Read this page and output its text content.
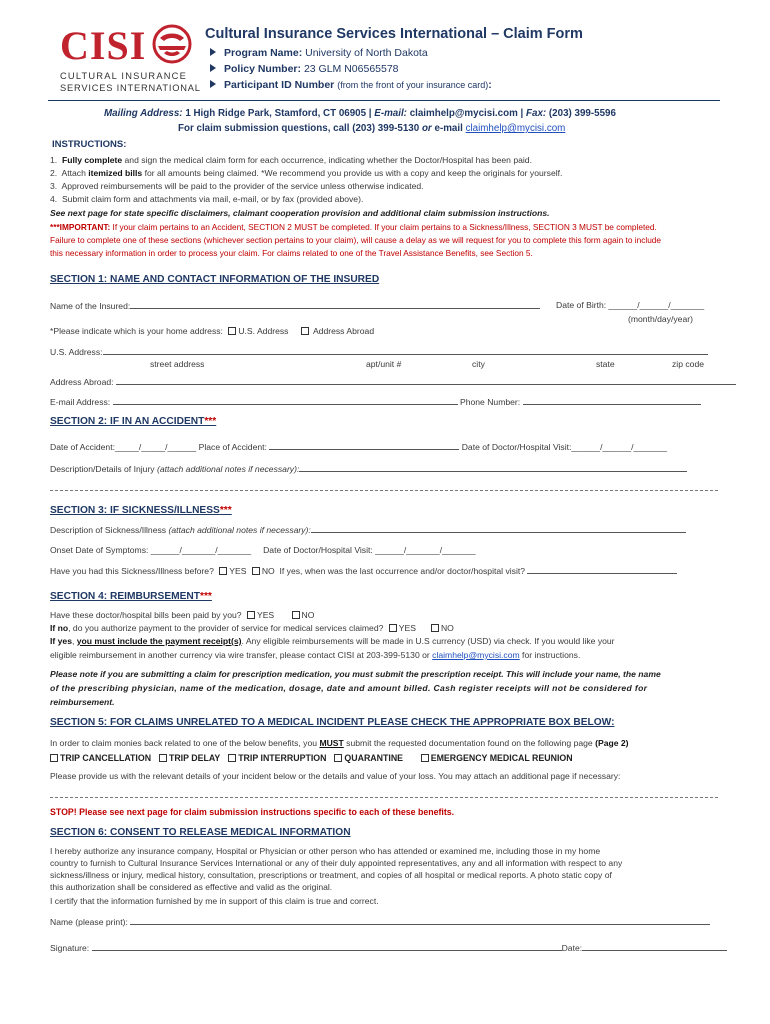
CISI
CULTURAL INSURANCE
SERVICES INTERNATIONAL
Cultural Insurance Services International – Claim Form
Program Name: University of North Dakota
Policy Number: 23 GLM N06565578
Participant ID Number (from the front of your insurance card):
Mailing Address: 1 High Ridge Park, Stamford, CT 06905 | E-mail: claimhelp@mycisi.com | Fax: (203) 399-5596
For claim submission questions, call (203) 399-5130 or e-mail claimhelp@mycisi.com
INSTRUCTIONS:
1. Fully complete and sign the medical claim form for each occurrence, indicating whether the Doctor/Hospital has been paid.
2. Attach itemized bills for all amounts being claimed. *We recommend you provide us with a copy and keep the originals for yourself.
3. Approved reimbursements will be paid to the provider of the service unless otherwise indicated.
4. Submit claim form and attachments via mail, e-mail, or by fax (provided above).
See next page for state specific disclaimers, claimant cooperation provision and additional claim submission instructions.
***IMPORTANT: If your claim pertains to an Accident, SECTION 2 MUST be completed. If your claim pertains to a Sickness/Illness, SECTION 3 MUST be completed.
Failure to complete one of these sections (whichever section pertains to your claim), will cause a delay as we will request for you to complete this form again to include
this necessary information in order to process your claim. For claims related to one of the Travel Assistance Benefits, see Section 5.
SECTION 1: NAME AND CONTACT INFORMATION OF THE INSURED
Name of the Insured:	Date of Birth: ______/______/_______
(month/day/year)
*Please indicate which is your home address: U.S. Address	Address Abroad
U.S. Address:
street address	apt/unit #	city	state	zip code
Address Abroad:
E-mail Address:	Phone Number:
SECTION 2: IF IN AN ACCIDENT***
Date of Accident:_____/_____/______ Place of Accident:	Date of Doctor/Hospital Visit:______/______/_______
Description/Details of Injury (attach additional notes if necessary):
SECTION 3: IF SICKNESS/ILLNESS***
Description of Sickness/Illness (attach additional notes if necessary):
Onset Date of Symptoms: ______/_______/_______ Date of Doctor/Hospital Visit: ______/_______/_______
Have you had this Sickness/Illness before? YES NO If yes, when was the last occurrence and/or doctor/hospital visit?
SECTION 4: REIMBURSEMENT***
Have these doctor/hospital bills been paid by you? YES	NO
If no, do you authorize payment to the provider of service for medical services claimed? YES	NO
If yes, you must include the payment receipt(s). Any eligible reimbursements will be made in U.S currency (USD) via check. If you would like your
eligible reimbursement in another currency via wire transfer, please contact CISI at 203-399-5130 or claimhelp@mycisi.com for instructions.
Please note if you are submitting a claim for prescription medication, you must submit the prescription receipt. This will include your name, the name
of the prescribing physician, name of the medication, dosage, date and amount billed. Cash register receipts will not be considered for
reimbursement.
SECTION 5: FOR CLAIMS UNRELATED TO A MEDICAL INCIDENT PLEASE CHECK THE APPROPRIATE BOX BELOW:
In order to claim monies back related to one of the below benefits, you MUST submit the requested documentation found on the following page (Page 2)
TRIP CANCELLATION TRIP DELAY TRIP INTERRUPTION QUARANTINE	EMERGENCY MEDICAL REUNION
Please provide us with the relevant details of your incident below or the details and value of your loss. You may attach an additional page if necessary:
STOP! Please see next page for claim submission instructions specific to each of these benefits.
SECTION 6: CONSENT TO RELEASE MEDICAL INFORMATION
I hereby authorize any insurance company, Hospital or Physician or other person who has attended or examined me, including those in my home
country to furnish to Cultural Insurance Services International or any of their duly appointed representatives, any and all information with respect to any
sickness/illness or injury, medical history, consultation, prescriptions or treatment, and copies of all hospital or medical reports. A photo static copy of
this authorization shall be considered as effective and valid as the original.
I certify that the information furnished by me in support of this claim is true and correct.
Name (please print):
Signature:	Date:
